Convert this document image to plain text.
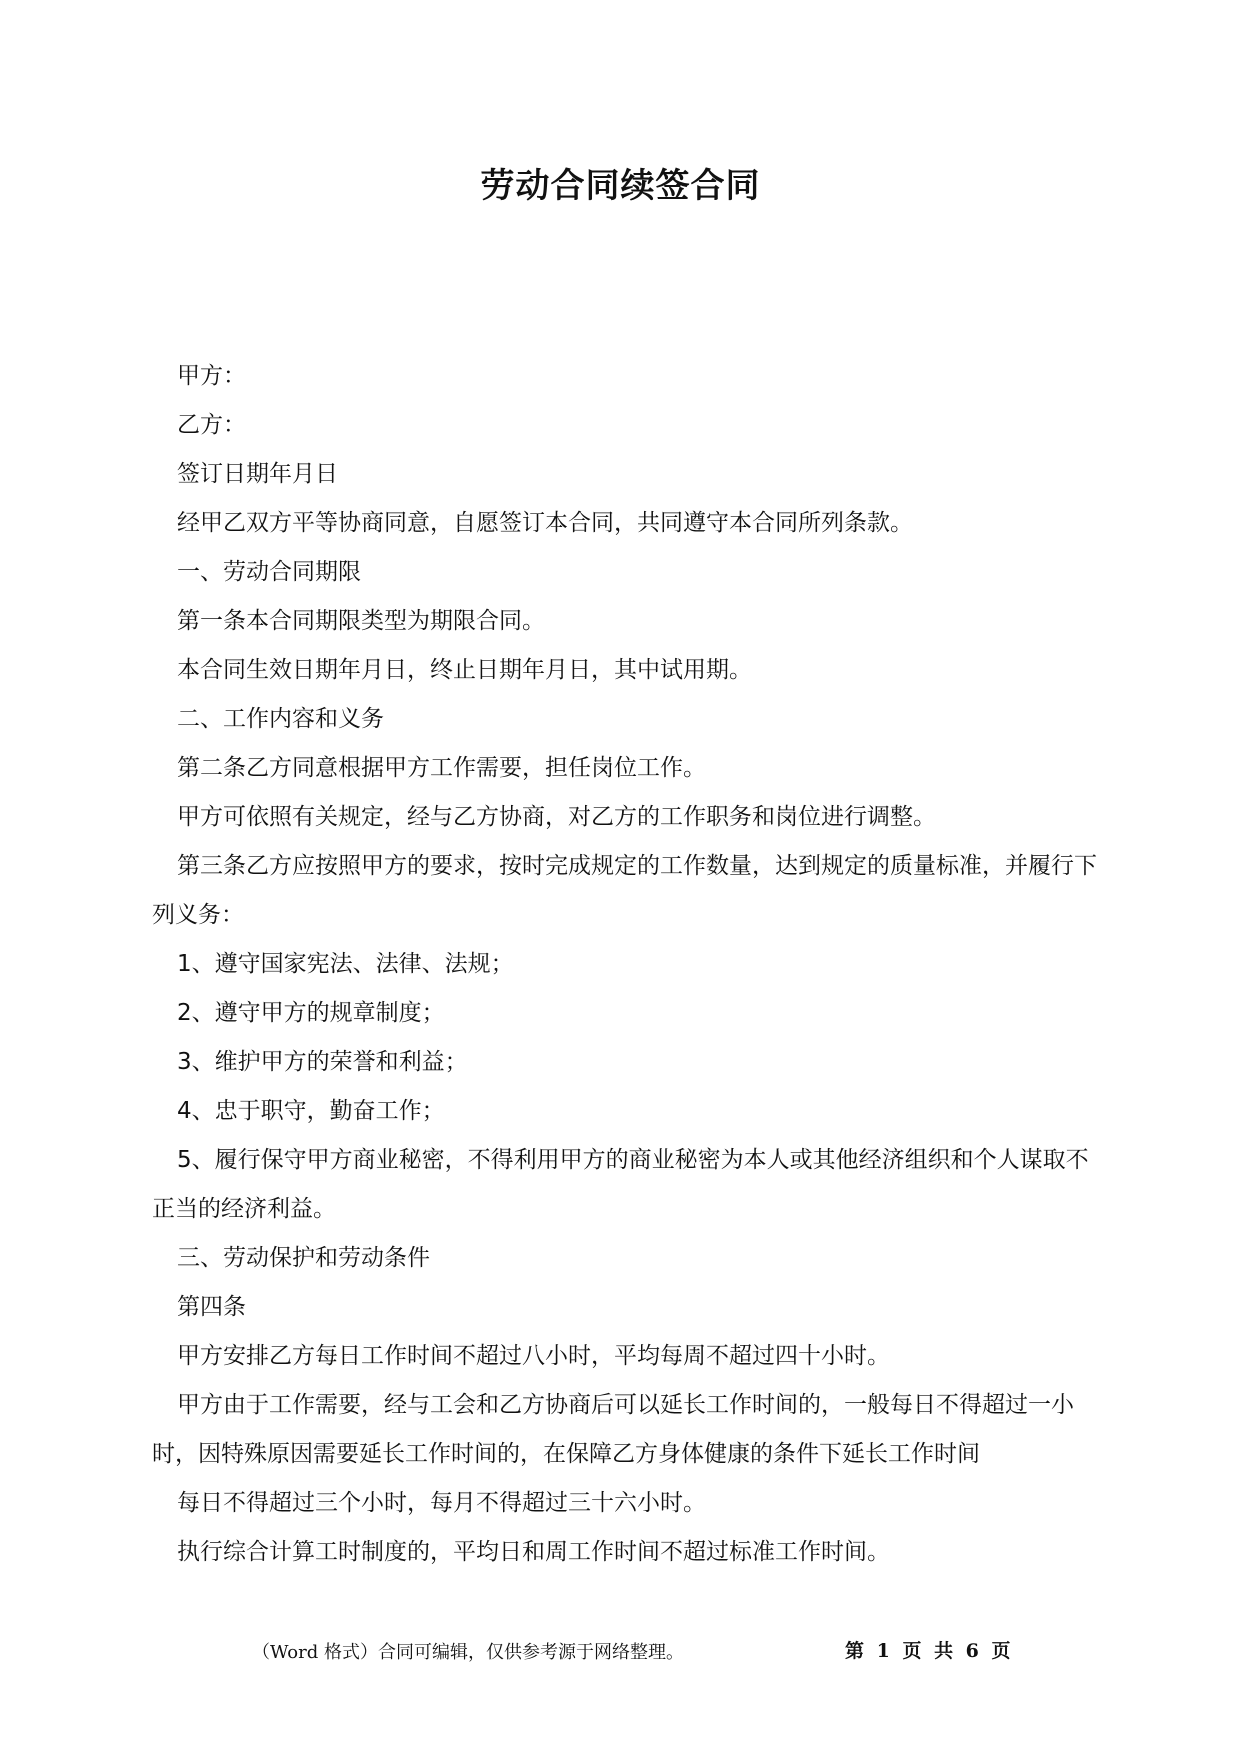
劳动合同续签合同

甲方：

乙方：

签订日期年月日

经甲乙双方平等协商同意，自愿签订本合同，共同遵守本合同所列条款。

一、劳动合同期限

第一条本合同期限类型为期限合同。

本合同生效日期年月日，终止日期年月日，其中试用期。

二、工作内容和义务

第二条乙方同意根据甲方工作需要，担任岗位工作。

甲方可依照有关规定，经与乙方协商，对乙方的工作职务和岗位进行调整。

第三条乙方应按照甲方的要求，按时完成规定的工作数量，达到规定的质量标准，并履行下列义务：

1、遵守国家宪法、法律、法规；

2、遵守甲方的规章制度；

3、维护甲方的荣誉和利益；

4、忠于职守，勤奋工作；

5、履行保守甲方商业秘密，不得利用甲方的商业秘密为本人或其他经济组织和个人谋取不正当的经济利益。

三、劳动保护和劳动条件

第四条

甲方安排乙方每日工作时间不超过八小时，平均每周不超过四十小时。

甲方由于工作需要，经与工会和乙方协商后可以延长工作时间的，一般每日不得超过一小时，因特殊原因需要延长工作时间的，在保障乙方身体健康的条件下延长工作时间

每日不得超过三个小时，每月不得超过三十六小时。

执行综合计算工时制度的，平均日和周工作时间不超过标准工作时间。

（Word 格式）合同可编辑，仅供参考源于网络整理。	第 1 页 共 6 页
